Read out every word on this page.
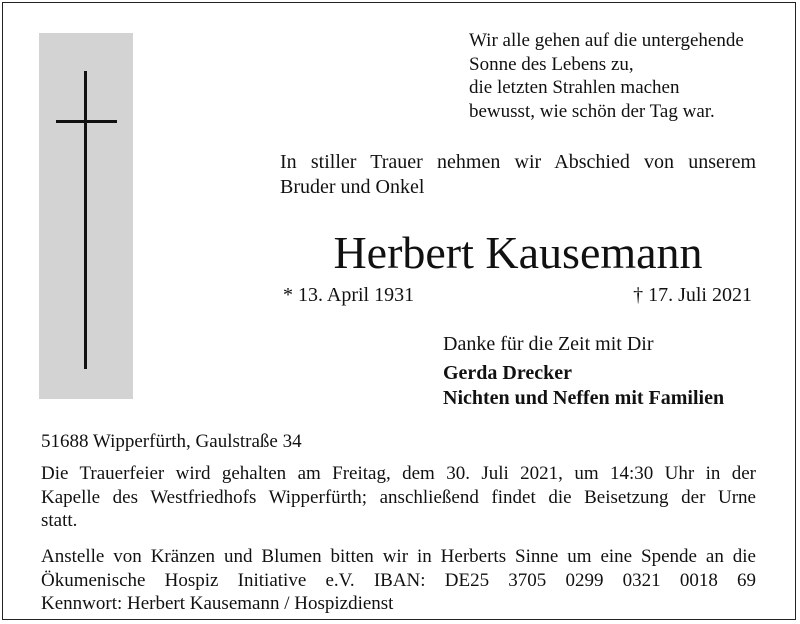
Wir alle gehen auf die untergehende
Sonne des Lebens zu,
die letzten Strahlen machen
bewusst, wie schön der Tag war.
In stiller Trauer nehmen wir Abschied von unserem
Bruder und Onkel
Herbert Kausemann
* 13. April 1931	† 17. Juli 2021
Danke für die Zeit mit Dir
Gerda Drecker
Nichten und Neffen mit Familien
51688 Wipperfürth, Gaulstraße 34
Die Trauerfeier wird gehalten am Freitag, dem 30. Juli 2021, um 14:30 Uhr in der
Kapelle des Westfriedhofs Wipperfürth; anschließend findet die Beisetzung der Urne
statt.
Anstelle von Kränzen und Blumen bitten wir in Herberts Sinne um eine Spende an die
Ökumenische Hospiz Initiative e.V. IBAN: DE25 3705 0299 0321 0018 69
Kennwort: Herbert Kausemann / Hospizdienst
